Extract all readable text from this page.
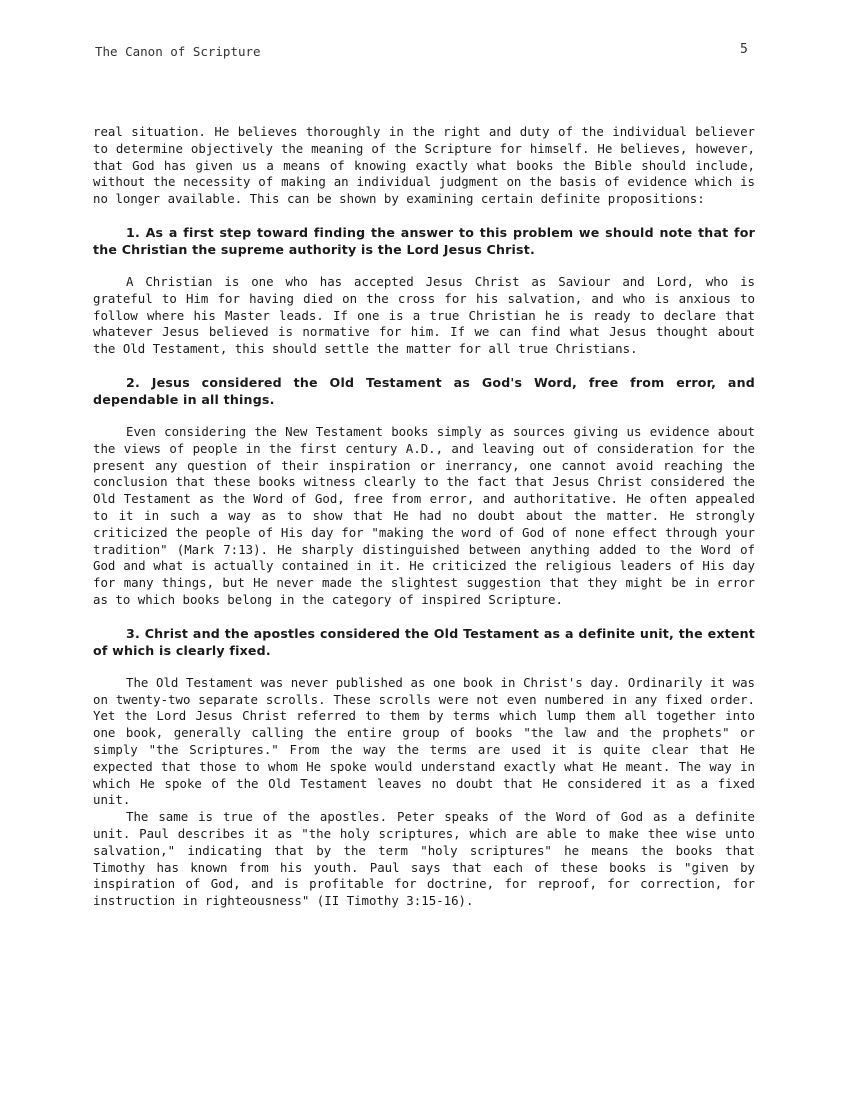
The Canon of Scripture	5

real situation. He believes thoroughly in the right and duty of the individual believer to determine objectively the meaning of the Scripture for himself. He believes, however, that God has given us a means of knowing exactly what books the Bible should include, without the necessity of making an individual judgment on the basis of evidence which is no longer available. This can be shown by examining certain definite propositions:

1. As a first step toward finding the answer to this problem we should note that for the Christian the supreme authority is the Lord Jesus Christ.

A Christian is one who has accepted Jesus Christ as Saviour and Lord, who is grateful to Him for having died on the cross for his salvation, and who is anxious to follow where his Master leads. If one is a true Christian he is ready to declare that whatever Jesus believed is normative for him. If we can find what Jesus thought about the Old Testament, this should settle the matter for all true Christians.

2. Jesus considered the Old Testament as God's Word, free from error, and dependable in all things.

Even considering the New Testament books simply as sources giving us evidence about the views of people in the first century A.D., and leaving out of consideration for the present any question of their inspiration or inerrancy, one cannot avoid reaching the conclusion that these books witness clearly to the fact that Jesus Christ considered the Old Testament as the Word of God, free from error, and authoritative. He often appealed to it in such a way as to show that He had no doubt about the matter. He strongly criticized the people of His day for "making the word of God of none effect through your tradition" (Mark 7:13). He sharply distinguished between anything added to the Word of God and what is actually contained in it. He criticized the religious leaders of His day for many things, but He never made the slightest suggestion that they might be in error as to which books belong in the category of inspired Scripture.

3. Christ and the apostles considered the Old Testament as a definite unit, the extent of which is clearly fixed.

The Old Testament was never published as one book in Christ's day. Ordinarily it was on twenty-two separate scrolls. These scrolls were not even numbered in any fixed order. Yet the Lord Jesus Christ referred to them by terms which lump them all together into one book, generally calling the entire group of books "the law and the prophets" or simply "the Scriptures." From the way the terms are used it is quite clear that He expected that those to whom He spoke would understand exactly what He meant. The way in which He spoke of the Old Testament leaves no doubt that He considered it as a fixed unit.

The same is true of the apostles. Peter speaks of the Word of God as a definite unit. Paul describes it as "the holy scriptures, which are able to make thee wise unto salvation," indicating that by the term "holy scriptures" he means the books that Timothy has known from his youth. Paul says that each of these books is "given by inspiration of God, and is profitable for doctrine, for reproof, for correction, for instruction in righteousness" (II Timothy 3:15-16).
